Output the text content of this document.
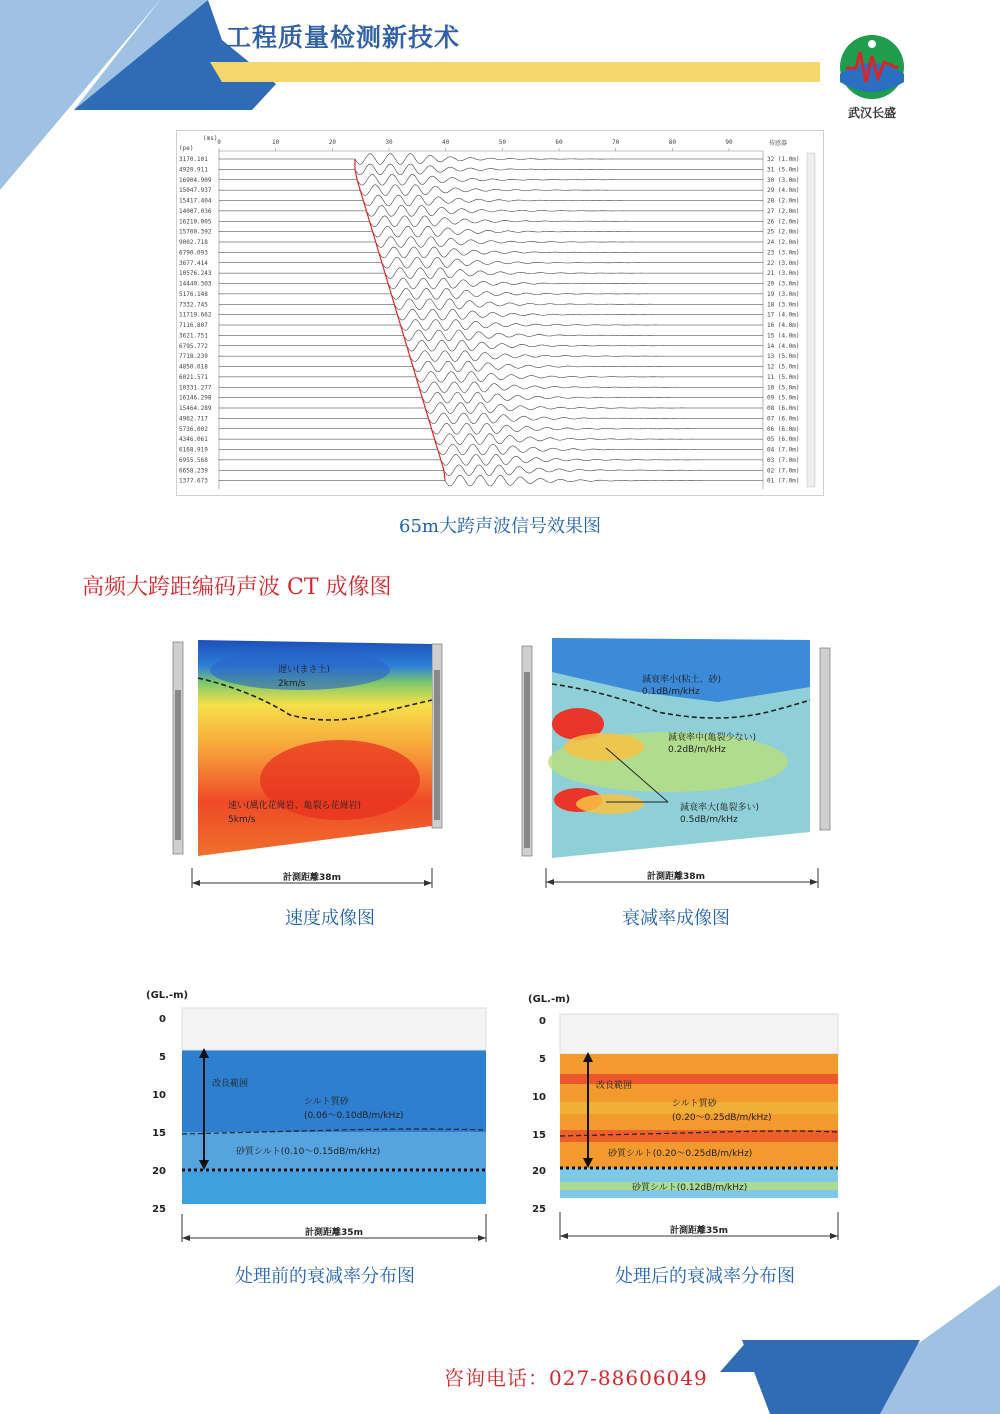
工程质量检测新技术
武汉长盛
(ms)
(pe)
传感器
0	10	20	30	40	50	60	70	80	90
3170.101	32 (1.0m)
4920.911	31 (5.0m)
16904.909	30 (3.0m)
15047.937	29 (4.0m)
15417.404	28 (2.0m)
14007.036	27 (2.0m)
16210.005	26 (2.0m)
15700.392	25 (2.0m)
9002.718	24 (2.0m)
6790.093	23 (3.0m)
3677.414	22 (3.0m)
10576.243	21 (3.0m)
14440.303	20 (3.0m)
5176.148	19 (3.0m)
7332.745	18 (3.0m)
11719.662	17 (4.0m)
7116.807	16 (4.0m)
3621.751	15 (4.0m)
6795.772	14 (4.0m)
7718.239	13 (5.0m)
4850.018	12 (5.0m)
6021.571	11 (5.0m)
10331.277	10 (5.0m)
16146.298	09 (5.0m)
15464.289	08 (6.0m)
4962.717	07 (6.0m)
5736.002	06 (6.0m)
4346.061	05 (6.0m)
6168.919	04 (7.0m)
6955.568	03 (7.0m)
6658.239	02 (7.0m)
1377.673	01 (7.0m)
65m大跨声波信号效果图
高频大跨距编码声波 CT 成像图
遅い(まさ土)
2km/s
速い(風化花崗岩、亀裂ら花崗岩)
5km/s
計測距離38m
速度成像图
減衰率小(粘土、砂)
0.1dB/m/kHz
減衰率中(亀裂少ない)
0.2dB/m/kHz
減衰率大(亀裂多い)
0.5dB/m/kHz
計測距離38m
衰减率成像图
(GL.-m)
改良範囲
シルト質砂
(0.06〜0.10dB/m/kHz)
砂質シルト(0.10〜0.15dB/m/kHz)
0
5
10
15
20
25
計測距離35m
处理前的衰减率分布图
(GL.-m)
改良範囲
シルト質砂
(0.20〜0.25dB/m/kHz)
砂質シルト(0.20〜0.25dB/m/kHz)
砂質シルト(0.12dB/m/kHz)
0
5
10
15
20
25
計測距離35m
处理后的衰减率分布图
咨询电话：027-88606049
